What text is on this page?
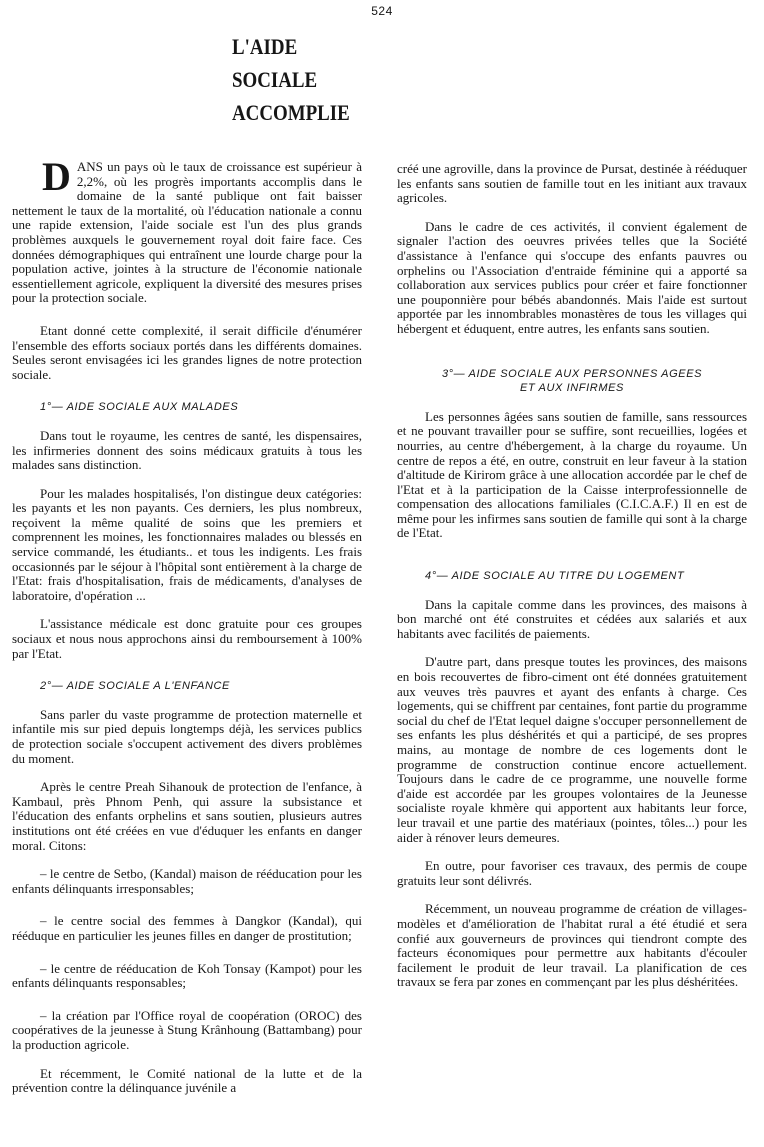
524
L'AIDE
SOCIALE
ACCOMPLIE

DANS un pays où le taux de croissance est supérieur à 2,2%, où les progrès importants accomplis dans le domaine de la santé publique ont fait baisser nettement le taux de la mortalité, où l'éducation nationale a connu une rapide extension, l'aide sociale est l'un des plus grands problèmes auxquels le gouvernement royal doit faire face. Ces données démographiques qui entraînent une lourde charge pour la population active, jointes à la structure de l'économie nationale essentiellement agricole, expliquent la diversité des mesures prises pour la protection sociale.

Etant donné cette complexité, il serait difficile d'énumérer l'ensemble des efforts sociaux portés dans les différents domaines. Seules seront envisagées ici les grandes lignes de notre protection sociale.

1°— AIDE SOCIALE AUX MALADES

Dans tout le royaume, les centres de santé, les dispensaires, les infirmeries donnent des soins médicaux gratuits à tous les malades sans distinction.

Pour les malades hospitalisés, l'on distingue deux catégories: les payants et les non payants. Ces derniers, les plus nombreux, reçoivent la même qualité de soins que les premiers et comprennent les moines, les fonctionnaires malades ou blessés en service commandé, les étudiants.. et tous les indigents. Les frais occasionnés par le séjour à l'hôpital sont entièrement à la charge de l'Etat: frais d'hospitalisation, frais de médicaments, d'analyses de laboratoire, d'opération ...

L'assistance médicale est donc gratuite pour ces groupes sociaux et nous nous approchons ainsi du remboursement à 100% par l'Etat.

2°— AIDE SOCIALE A L'ENFANCE

Sans parler du vaste programme de protection maternelle et infantile mis sur pied depuis longtemps déjà, les services publics de protection sociale s'occupent activement des divers problèmes du moment.

Après le centre Preah Sihanouk de protection de l'enfance, à Kambaul, près Phnom Penh, qui assure la subsistance et l'éducation des enfants orphelins et sans soutien, plusieurs autres institutions ont été créées en vue d'éduquer les enfants en danger moral. Citons:

– le centre de Setbo, (Kandal) maison de rééducation pour les enfants délinquants irresponsables;

– le centre social des femmes à Dangkor (Kandal), qui rééduque en particulier les jeunes filles en danger de prostitution;

– le centre de rééducation de Koh Tonsay (Kampot) pour les enfants délinquants responsables;

– la création par l'Office royal de coopération (OROC) des coopératives de la jeunesse à Stung Krânhoung (Battambang) pour la production agricole.

Et récemment, le Comité national de la lutte et de la prévention contre la délinquance juvénile a

créé une agroville, dans la province de Pursat, destinée à rééduquer les enfants sans soutien de famille tout en les initiant aux travaux agricoles.

Dans le cadre de ces activités, il convient également de signaler l'action des oeuvres privées telles que la Société d'assistance à l'enfance qui s'occupe des enfants pauvres ou orphelins ou l'Association d'entraide féminine qui a apporté sa collaboration aux services publics pour créer et faire fonctionner une pouponnière pour bébés abandonnés. Mais l'aide est surtout apportée par les innombrables monastères de tous les villages qui hébergent et éduquent, entre autres, les enfants sans soutien.

3°— AIDE SOCIALE AUX PERSONNES AGEES
ET AUX INFIRMES

Les personnes âgées sans soutien de famille, sans ressources et ne pouvant travailler pour se suffire, sont recueillies, logées et nourries, au centre d'hébergement, à la charge du royaume. Un centre de repos a été, en outre, construit en leur faveur à la station d'altitude de Kirirom grâce à une allocation accordée par le chef de l'Etat et à la participation de la Caisse interprofessionnelle de compensation des allocations familiales (C.I.C.A.F.) Il en est de même pour les infirmes sans soutien de famille qui sont à la charge de l'Etat.

4°— AIDE SOCIALE AU TITRE DU LOGEMENT

Dans la capitale comme dans les provinces, des maisons à bon marché ont été construites et cédées aux salariés et aux habitants avec facilités de paiements.

D'autre part, dans presque toutes les provinces, des maisons en bois recouvertes de fibro-ciment ont été données gratuitement aux veuves très pauvres et ayant des enfants à charge. Ces logements, qui se chiffrent par centaines, font partie du programme social du chef de l'Etat lequel daigne s'occuper personnellement de ses enfants les plus déshérités et qui a participé, de ses propres mains, au montage de nombre de ces logements dont le programme de construction continue encore actuellement. Toujours dans le cadre de ce programme, une nouvelle forme d'aide est accordée par les groupes volontaires de la Jeunesse socialiste royale khmère qui apportent aux habitants leur force, leur travail et une partie des matériaux (pointes, tôles...) pour les aider à rénover leurs demeures.

En outre, pour favoriser ces travaux, des permis de coupe gratuits leur sont délivrés.

Récemment, un nouveau programme de création de villages-modèles et d'amélioration de l'habitat rural a été étudié et sera confié aux gouverneurs de provinces qui tiendront compte des facteurs économiques pour permettre aux habitants d'écouler facilement le produit de leur travail. La planification de ces travaux se fera par zones en commençant par les plus déshéritées.
